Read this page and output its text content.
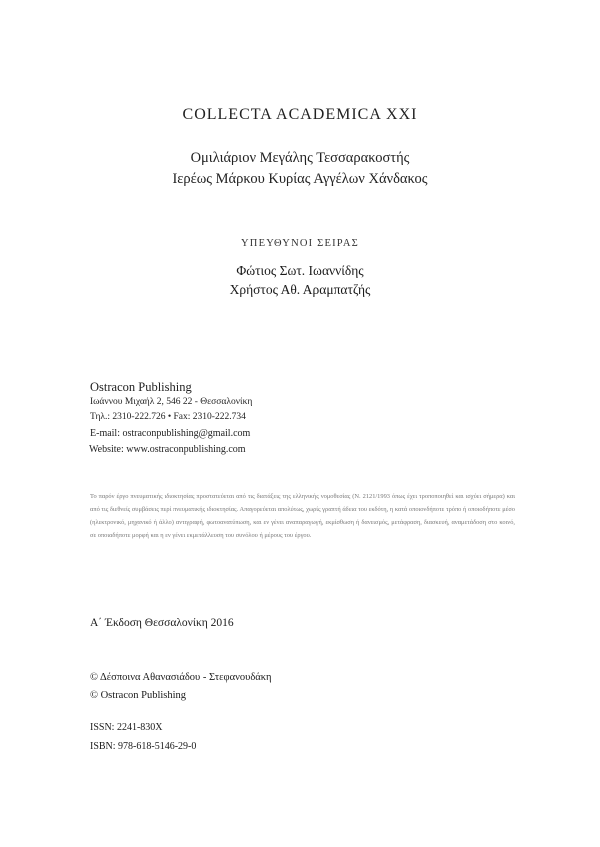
COLLECTA ACADEMICA XXI
Ομιλιάριον Μεγάλης Τεσσαρακοστής
Ιερέως Μάρκου Κυρίας Αγγέλων Χάνδακος
ΥΠΕΥΘΥΝΟΙ ΣΕΙΡΑΣ
Φώτιος Σωτ. Ιωαννίδης
Χρήστος Αθ. Αραμπατζής
Ostracon Publishing
Ιωάννου Μιχαήλ 2, 546 22 - Θεσσαλονίκη
Τηλ.: 2310-222.726 • Fax: 2310-222.734
E-mail: ostraconpublishing@gmail.com
Website: www.ostraconpublishing.com
Το παρόν έργο πνευματικής ιδιοκτησίας προστατεύεται από τις διατάξεις της ελληνικής νομοθεσίας (Ν. 2121/1993 όπως έχει τροποποιηθεί και ισχύει σήμερα) και από τις διεθνείς συμβάσεις περί πνευματικής ιδιοκτησίας. Απαγορεύεται απολύτως, χωρίς γραπτή άδεια του εκδότη, η κατά οποιονδήποτε τρόπο ή οποιοδήποτε μέσο (ηλεκτρονικό, μηχανικό ή άλλο) αντιγραφή, φωτοανατύπωση, και εν γένει αναπαραγωγή, εκμίσθωση ή δανεισμός, μετάφραση, διασκευή, αναμετάδοση στο κοινό, σε οποιαδήποτε μορφή και η εν γένει εκμετάλλευση του συνόλου ή μέρους του έργου.
Α΄ Έκδοση Θεσσαλονίκη 2016
© Δέσποινα Αθανασιάδου - Στεφανουδάκη
© Ostracon Publishing
ISSN: 2241-830X
ISBN: 978-618-5146-29-0
